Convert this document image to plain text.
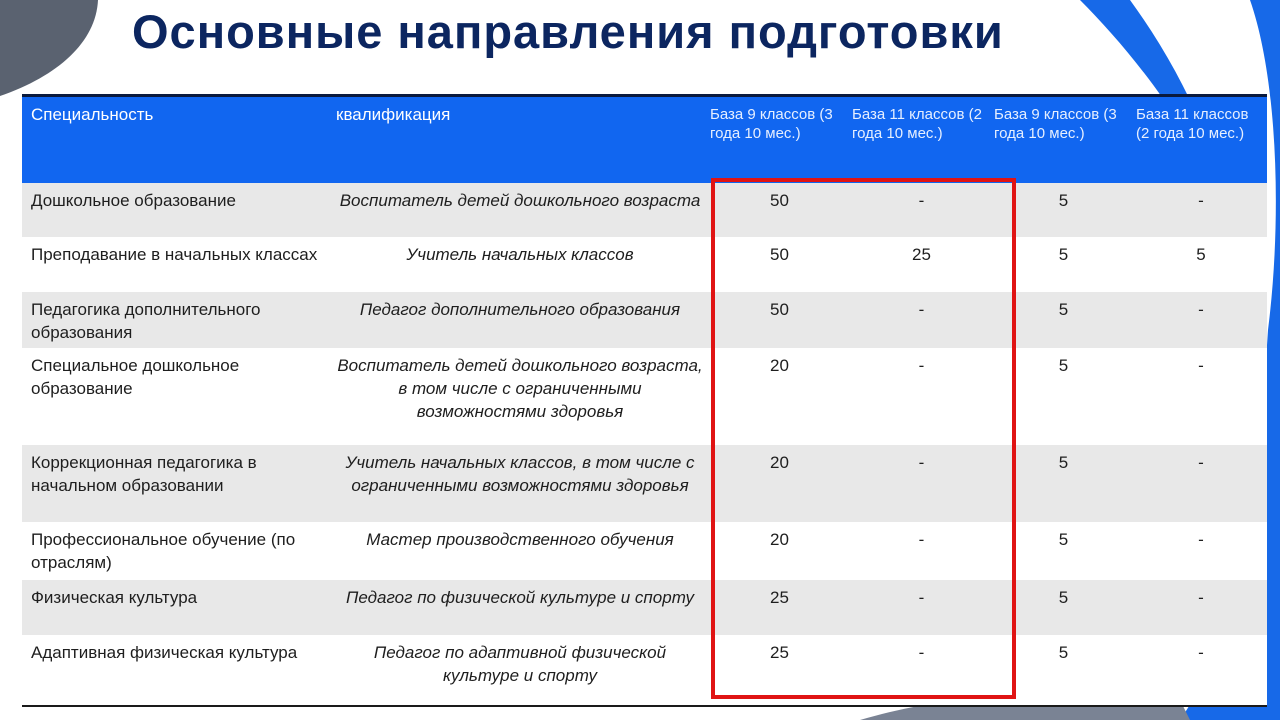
Основные направления подготовки
Специальность	квалификация	База 9 классов (3 года 10 мес.)	База 11 классов (2 года 10 мес.)	База 9 классов (3 года 10 мес.)	База 11 классов (2 года 10 мес.)
Дошкольное образование	Воспитатель детей дошкольного возраста	50	-	5	-
Преподавание в начальных классах	Учитель начальных классов	50	25	5	5
Педагогика дополнительного образования	Педагог дополнительного образования	50	-	5	-
Специальное дошкольное образование	Воспитатель детей дошкольного возраста, в том числе с ограниченными возможностями здоровья	20	-	5	-
Коррекционная педагогика в начальном образовании	Учитель начальных классов, в том числе с ограниченными возможностями здоровья	20	-	5	-
Профессиональное обучение (по отраслям)	Мастер производственного обучения	20	-	5	-
Физическая культура	Педагог по физической культуре и спорту	25	-	5	-
Адаптивная физическая культура	Педагог по адаптивной физической культуре и спорту	25	-	5	-
